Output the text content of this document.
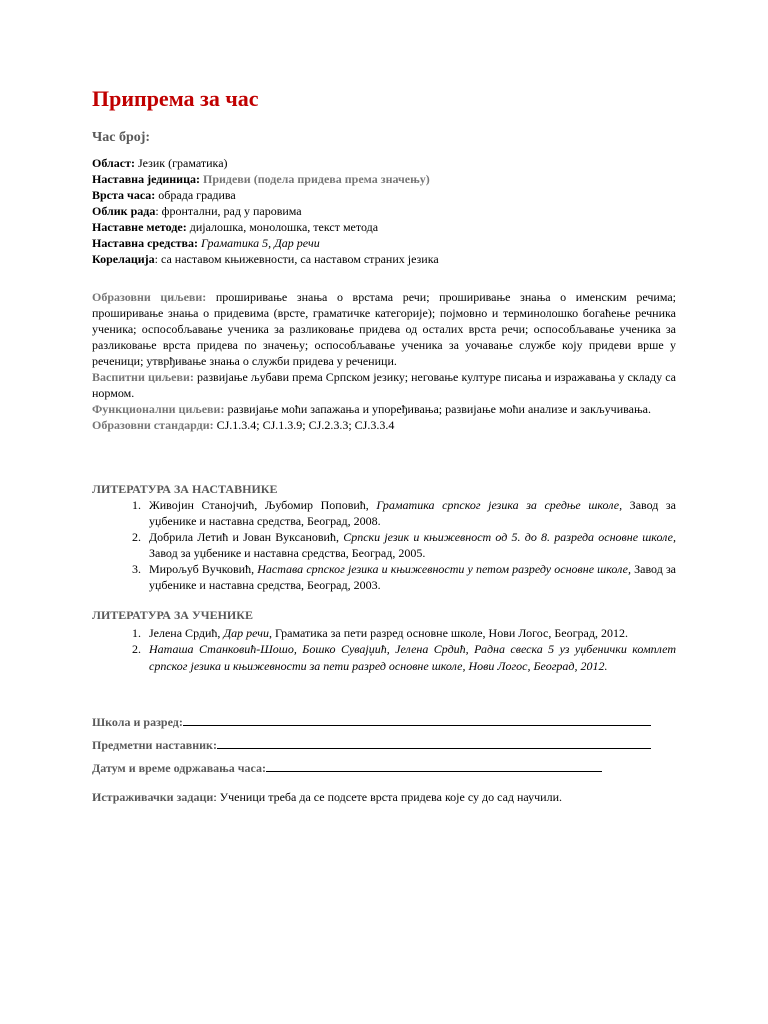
Припрема за час

Час број:

Област: Језик (граматика)

Наставна јединица: Придеви (подела придева према значењу)

Врста часа: обрада градива

Облик рада: фронтални, рад у паровима

Наставне методе: дијалошка, монолошка, текст метода

Наставна средства: Граматика 5, Дар речи

Корелација: са наставом књижевности, са наставом страних језика

Образовни циљеви: проширивање знања о врстама речи; проширивање знања о именским речима; проширивање знања о придевима (врсте, граматичке категорије); појмовно и терминолошко богаћење речника ученика; оспособљавање ученика за разликовање придева од осталих врста речи; оспособљавање ученика за разликовање врста придева по значењу; оспособљавање ученика за уочавање службе коју придеви врше у реченици; утврђивање знања о служби придева у реченици.

Васпитни циљеви: развијање љубави према Српском језику; неговање културе писања и изражавања у складу са нормом.

Функционални циљеви: развијање моћи запажања и упоређивања; развијање моћи анализе и закључивања.

Образовни стандарди: CJ.1.3.4; CJ.1.3.9; CJ.2.3.3; CJ.3.3.4

ЛИТЕРАТУРА ЗА НАСТАВНИКЕ

1. Живојин Станојчић, Љубомир Поповић, Граматика српског језика за средње школе, Завод за уџбенике и наставна средства, Београд, 2008.
2. Добрила Летић и Јован Вуксановић, Српски језик и књижевност од 5. до 8. разреда основне школе, Завод за уџбенике и наставна средства, Београд, 2005.
3. Мирољуб Вучковић, Настава српског језика и књижевности у петом разреду основне школе, Завод за уџбенике и наставна средства, Београд, 2003.

ЛИТЕРАТУРА ЗА УЧЕНИКЕ

1. Јелена Срдић, Дар речи, Граматика за пети разред основне школе, Нови Логос, Београд, 2012.
2. Наташа Станковић-Шошо, Бошко Сувајџић, Јелена Срдић, Радна свеска 5 уз уџбенички комплет српског језика и књижевности за пети разред основне школе, Нови Логос, Београд, 2012.
Школа и разред:
Предметни наставник:
Датум и време одржавања часа:

Истраживачки задаци: Ученици треба да се подсете врста придева које су до сад научили.
